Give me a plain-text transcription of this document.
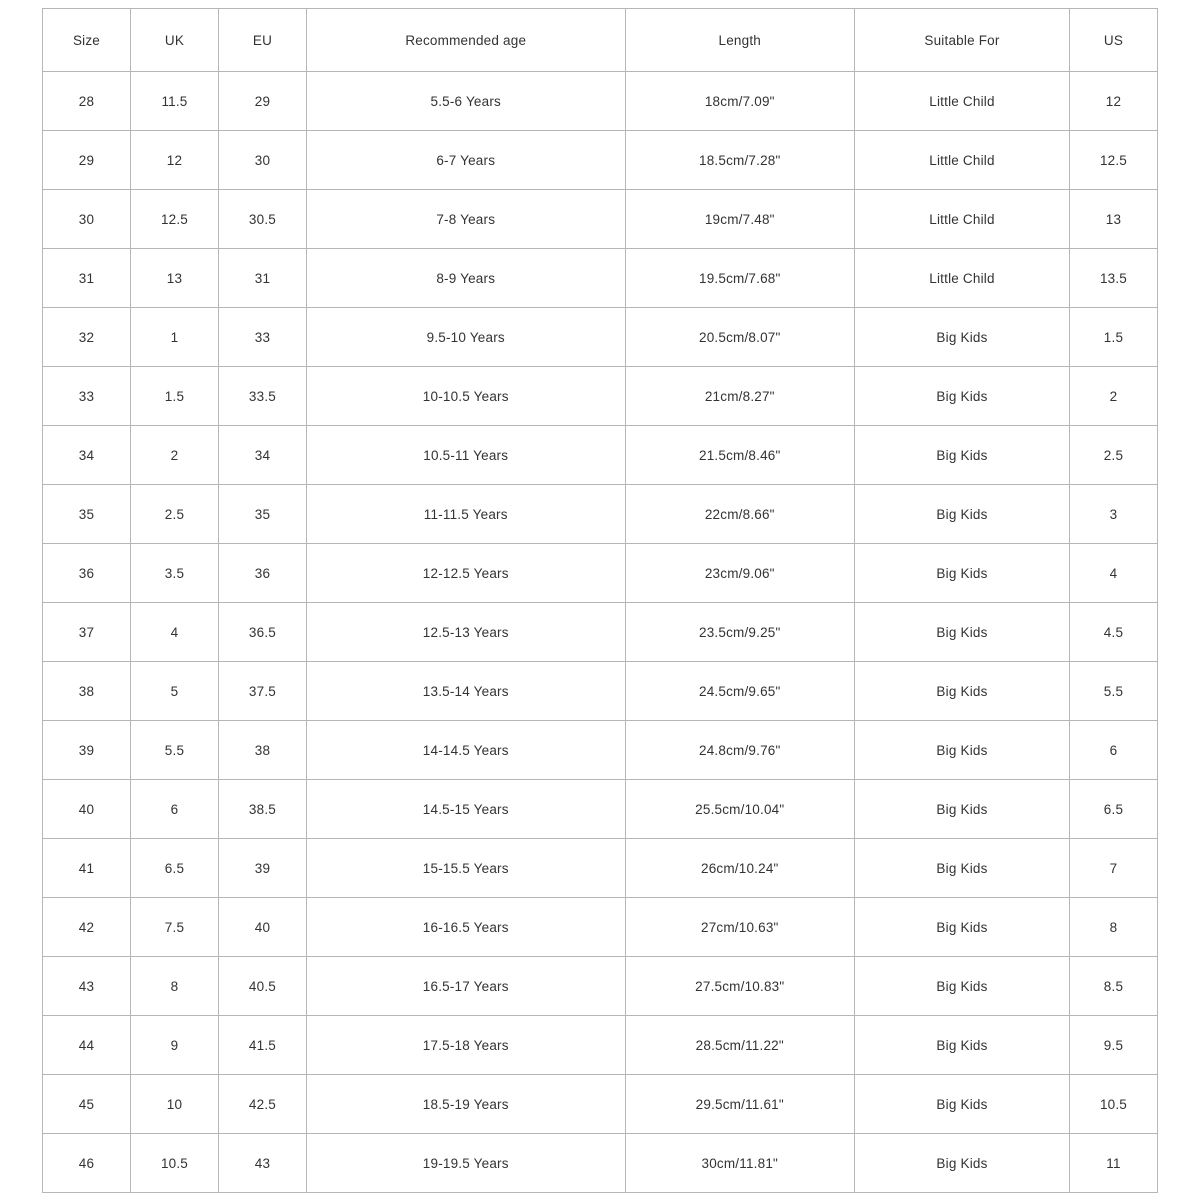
Size	UK	EU	Recommended age	Length	Suitable For	US
28	11.5	29	5.5-6 Years	18cm/7.09"	Little Child	12
29	12	30	6-7 Years	18.5cm/7.28"	Little Child	12.5
30	12.5	30.5	7-8 Years	19cm/7.48"	Little Child	13
31	13	31	8-9 Years	19.5cm/7.68"	Little Child	13.5
32	1	33	9.5-10 Years	20.5cm/8.07"	Big Kids	1.5
33	1.5	33.5	10-10.5 Years	21cm/8.27"	Big Kids	2
34	2	34	10.5-11 Years	21.5cm/8.46"	Big Kids	2.5
35	2.5	35	11-11.5 Years	22cm/8.66"	Big Kids	3
36	3.5	36	12-12.5 Years	23cm/9.06"	Big Kids	4
37	4	36.5	12.5-13 Years	23.5cm/9.25"	Big Kids	4.5
38	5	37.5	13.5-14 Years	24.5cm/9.65"	Big Kids	5.5
39	5.5	38	14-14.5 Years	24.8cm/9.76"	Big Kids	6
40	6	38.5	14.5-15 Years	25.5cm/10.04"	Big Kids	6.5
41	6.5	39	15-15.5 Years	26cm/10.24"	Big Kids	7
42	7.5	40	16-16.5 Years	27cm/10.63"	Big Kids	8
43	8	40.5	16.5-17 Years	27.5cm/10.83"	Big Kids	8.5
44	9	41.5	17.5-18 Years	28.5cm/11.22"	Big Kids	9.5
45	10	42.5	18.5-19 Years	29.5cm/11.61"	Big Kids	10.5
46	10.5	43	19-19.5 Years	30cm/11.81"	Big Kids	11
